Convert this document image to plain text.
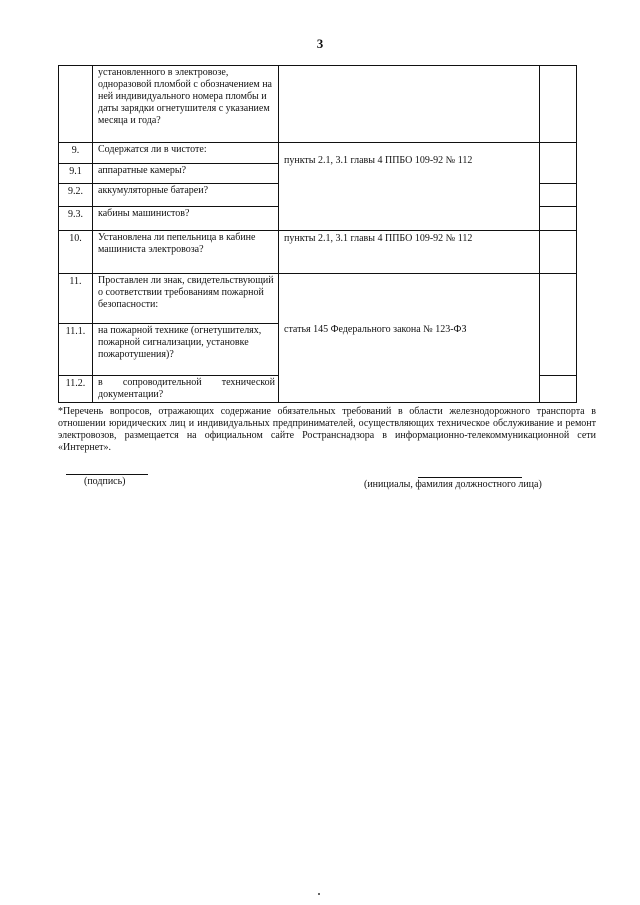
3
	установленного в электровозе, одноразовой пломбой с обозначением на ней индивидуального номера пломбы и даты зарядки огнетушителя с указанием месяца и года?		
9.	Содержатся ли в чистоте:	пункты 2.1, 3.1 главы 4 ППБО 109-92 № 112	
9.1	аппаратные камеры?		
9.2.	аккумуляторные батареи?		
9.3.	кабины машинистов?		
10.	Установлена ли пепельница в кабине машиниста электровоза?	пункты 2.1, 3.1 главы 4 ППБО 109-92 № 112	
11.	Проставлен ли знак, свидетельствующий о соответствии требованиям пожарной безопасности:	статья 145 Федерального закона № 123-ФЗ	
11.1.	на пожарной технике (огнетушителях, пожарной сигнализации, установке пожаротушения)?		
11.2.	в сопроводительной технической
документации?		

*Перечень вопросов, отражающих содержание обязательных требований в области железнодорожного транспорта в отношении юридических лиц и индивидуальных предпринимателей, осуществляющих техническое обслуживание и ремонт электровозов, размещается на официальном сайте Ространснадзора в информационно-телекоммуникационной сети «Интернет».
(подпись)	(инициалы, фамилия должностного лица)
